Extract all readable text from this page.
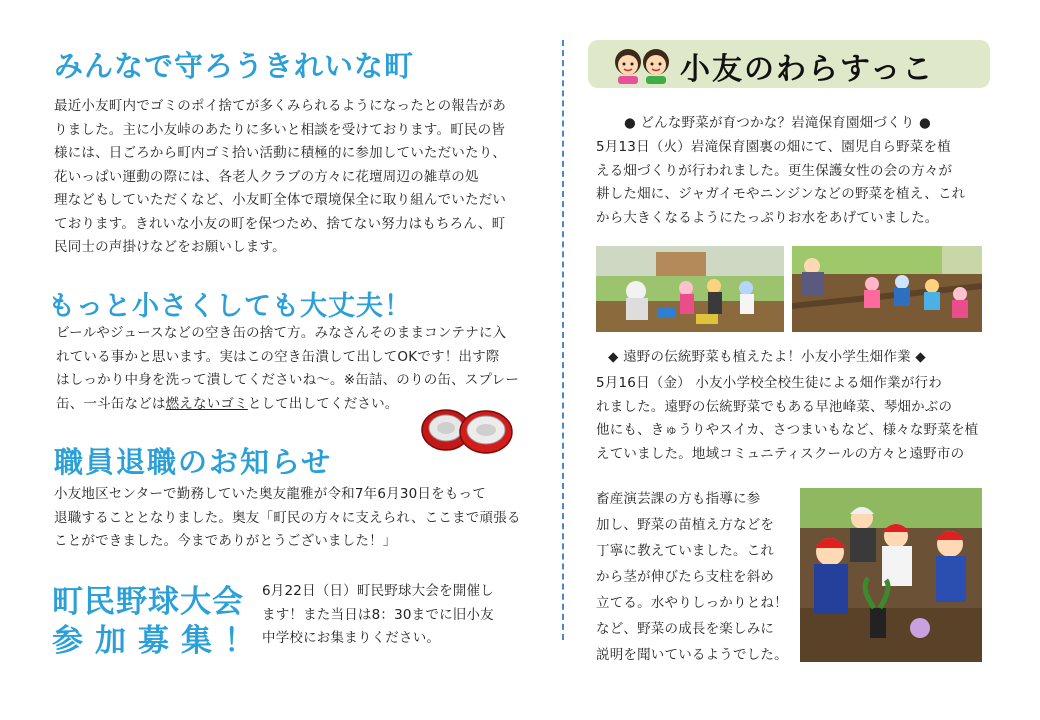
みんなで守ろうきれいな町
最近小友町内でゴミのポイ捨てが多くみられるようになったとの報告があ
りました。主に小友峠のあたりに多いと相談を受けております。町民の皆
様には、日ごろから町内ゴミ拾い活動に積極的に参加していただいたり、
花いっぱい運動の際には、各老人クラブの方々に花壇周辺の雑草の処
理などもしていただくなど、小友町全体で環境保全に取り組んでいただい
ております。きれいな小友の町を保つため、捨てない努力はもちろん、町
民同士の声掛けなどをお願いします。
もっと小さくしても大丈夫！
ビールやジュースなどの空き缶の捨て方。みなさんそのままコンテナに入
れている事かと思います。実はこの空き缶潰して出してOKです！出す際
はしっかり中身を洗って潰してくださいね～。※缶詰、のりの缶、スプレー
缶、一斗缶などは燃えないゴミとして出してください。
職員退職のお知らせ
小友地区センターで勤務していた奥友龍雅が令和7年6月30日をもって
退職することとなりました。奥友「町民の方々に支えられ、ここまで頑張る
ことができました。今までありがとうございました！」
町民野球大会
参加募集！
6月22日（日）町民野球大会を開催し
ます！また当日は8：30までに旧小友
中学校にお集まりください。
小友のわらすっこ
● どんな野菜が育つかな？岩滝保育園畑づくり ●
5月13日（火）岩滝保育園裏の畑にて、園児自ら野菜を植
える畑づくりが行われました。更生保護女性の会の方々が
耕した畑に、ジャガイモやニンジンなどの野菜を植え、これ
から大きくなるようにたっぷりお水をあげていました。
◆ 遠野の伝統野菜も植えたよ！小友小学生畑作業 ◆
5月16日（金） 小友小学校全校生徒による畑作業が行わ
れました。遠野の伝統野菜でもある早池峰菜、琴畑かぶの
他にも、きゅうりやスイカ、さつまいもなど、様々な野菜を植
えていました。地域コミュニティスクールの方々と遠野市の
畜産演芸課の方も指導に参
加し、野菜の苗植え方などを
丁寧に教えていました。これ
から茎が伸びたら支柱を斜め
立てる。水やりしっかりとね！
など、野菜の成長を楽しみに
説明を聞いているようでした。
